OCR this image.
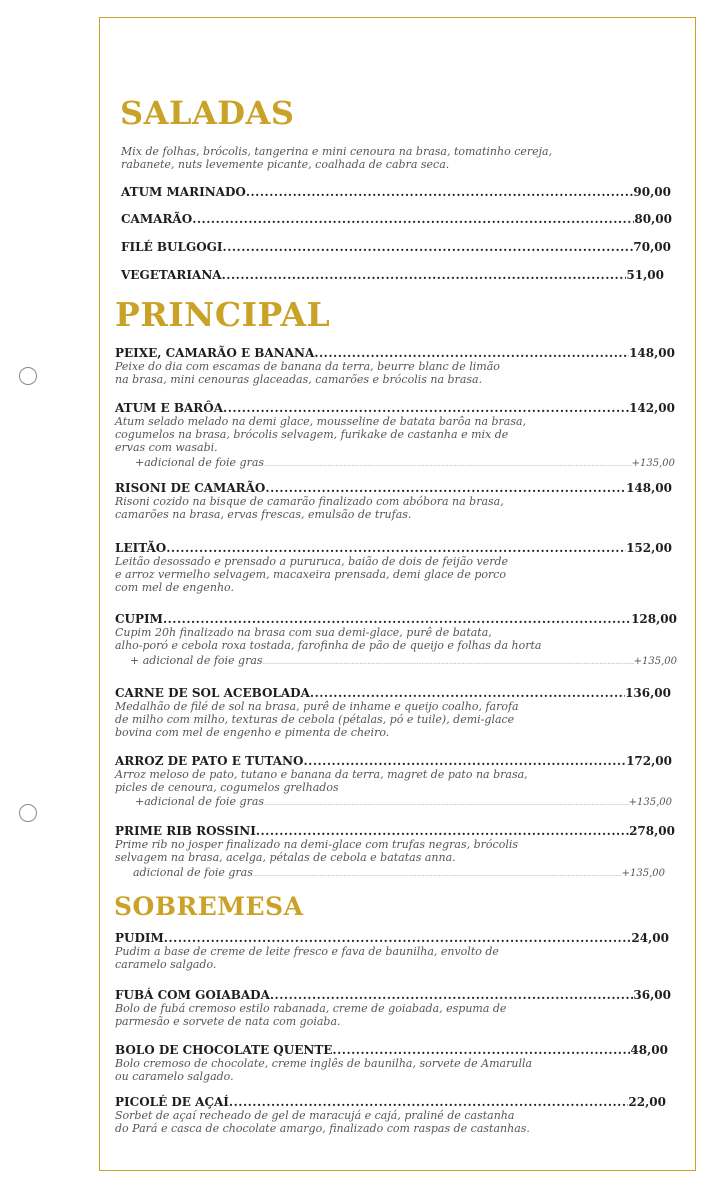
SALADAS

Mix de folhas, brócolis, tangerina e mini cenoura na brasa, tomatinho cereja,
rabanete, nuts levemente picante, coalhada de cabra seca.

ATUM MARINADO .....	90,00
CAMARÃO .....	80,00
FILÉ BULGOGI .....	70,00
VEGETARIANA .....	51,00
PRINCIPAL
PEIXE, CAMARÃO E BANANA .....	148,00

Peixe do dia com escamas de banana da terra, beurre blanc de limão
na brasa, mini cenouras glaceadas, camarões e brócolis na brasa.

ATUM E BARÔA .....	142,00

Atum selado melado na demi glace, mousseline de batata barôa na brasa,
cogumelos na brasa, brócolis selvagem, furikake de castanha e mix de
ervas com wasabi.

+adicional de foie gras .....	+135,00
RISONI DE CAMARÃO .....	148,00

Risoni cozido na bisque de camarão finalizado com abóbora na brasa,
camarões na brasa, ervas frescas, emulsão de trufas.

LEITÃO .....	152,00

Leitão desossado e prensado a pururuca, baião de dois de feijão verde
e arroz vermelho selvagem, macaxeira prensada, demi glace de porco
com mel de engenho.

CUPIM .....	128,00

Cupim 20h finalizado na brasa com sua demi-glace, purê de batata,
alho-poró e cebola roxa tostada, farofinha de pão de queijo e folhas da horta

+ adicional de foie gras .....	+135,00
CARNE DE SOL ACEBOLADA .....	136,00

Medalhão de filé de sol na brasa, purê de inhame e queijo coalho, farofa
de milho com milho, texturas de cebola (pétalas, pó e tuile), demi-glace
bovina com mel de engenho e pimenta de cheiro.

ARROZ DE PATO E TUTANO .....	172,00

Arroz meloso de pato, tutano e banana da terra, magret de pato na brasa,
picles de cenoura, cogumelos grelhados

+adicional de foie gras .....	+135,00
PRIME RIB ROSSINI .....	278,00

Prime rib no josper finalizado na demi-glace com trufas negras, brócolis
selvagem na brasa, acelga, pétalas de cebola e batatas anna.

adicional de foie gras .....	+135,00
SOBREMESA
PUDIM .....	24,00

Pudim a base de creme de leite fresco e fava de baunilha, envolto de
caramelo salgado.

FUBÁ COM GOIABADA .....	36,00

Bolo de fubá cremoso estilo rabanada, creme de goiabada, espuma de
parmesão e sorvete de nata com goiaba.

BOLO DE CHOCOLATE QUENTE .....	48,00

Bolo cremoso de chocolate, creme inglês de baunilha, sorvete de Amarulla
ou caramelo salgado.

PICOLÉ DE AÇAÍ .....	22,00

Sorbet de açaí recheado de gel de maracujá e cajá, praliné de castanha
do Pará e casca de chocolate amargo, finalizado com raspas de castanhas.
